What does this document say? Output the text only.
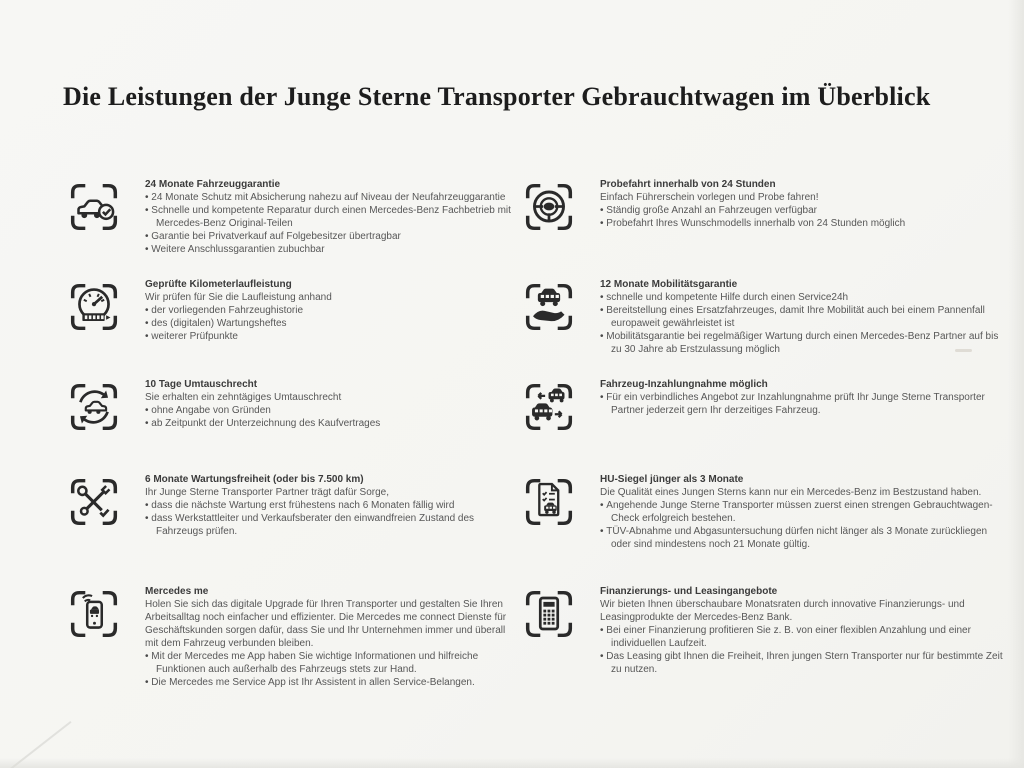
Die Leistungen der Junge Sterne Transporter Gebrauchtwagen im Überblick
24 Monate Fahrzeuggarantie
• 24 Monate Schutz mit Absicherung nahezu auf Niveau der Neufahrzeuggarantie
• Schnelle und kompetente Reparatur durch einen Mercedes-Benz Fachbetrieb mit Mercedes-Benz Original-Teilen
• Garantie bei Privatverkauf auf Folgebesitzer übertragbar
• Weitere Anschlussgarantien zubuchbar
Geprüfte Kilometerlaufleistung
Wir prüfen für Sie die Laufleistung anhand
• der vorliegenden Fahrzeughistorie
• des (digitalen) Wartungsheftes
• weiterer Prüfpunkte
10 Tage Umtauschrecht
Sie erhalten ein zehntägiges Umtauschrecht
• ohne Angabe von Gründen
• ab Zeitpunkt der Unterzeichnung des Kaufvertrages
6 Monate Wartungsfreiheit (oder bis 7.500 km)
Ihr Junge Sterne Transporter Partner trägt dafür Sorge,
• dass die nächste Wartung erst frühestens nach 6 Monaten fällig wird
• dass Werkstattleiter und Verkaufsberater den einwandfreien Zustand des Fahrzeugs prüfen.
Mercedes me
Holen Sie sich das digitale Upgrade für Ihren Transporter und gestalten Sie Ihren Arbeitsalltag noch einfacher und effizienter. Die Mercedes me connect Dienste für Geschäftskunden sorgen dafür, dass Sie und Ihr Unternehmen immer und überall mit dem Fahrzeug verbunden bleiben.
• Mit der Mercedes me App haben Sie wichtige Informationen und hilfreiche Funktionen auch außerhalb des Fahrzeugs stets zur Hand.
• Die Mercedes me Service App ist Ihr Assistent in allen Service-Belangen.
Probefahrt innerhalb von 24 Stunden
Einfach Führerschein vorlegen und Probe fahren!
• Ständig große Anzahl an Fahrzeugen verfügbar
• Probefahrt Ihres Wunschmodells innerhalb von 24 Stunden möglich
12 Monate Mobilitätsgarantie
• schnelle und kompetente Hilfe durch einen Service24h
• Bereitstellung eines Ersatzfahrzeuges, damit Ihre Mobilität auch bei einem Pannenfall europaweit gewährleistet ist
• Mobilitätsgarantie bei regelmäßiger Wartung durch einen Mercedes-Benz Partner auf bis zu 30 Jahre ab Erstzulassung möglich
Fahrzeug-Inzahlungnahme möglich
• Für ein verbindliches Angebot zur Inzahlungnahme prüft Ihr Junge Sterne Transporter Partner jederzeit gern Ihr derzeitiges Fahrzeug.
HU-Siegel jünger als 3 Monate
Die Qualität eines Jungen Sterns kann nur ein Mercedes-Benz im Bestzustand haben.
• Angehende Junge Sterne Transporter müssen zuerst einen strengen Gebrauchtwagen-Check erfolgreich bestehen.
• TÜV-Abnahme und Abgasuntersuchung dürfen nicht länger als 3 Monate zurückliegen oder sind mindestens noch 21 Monate gültig.
Finanzierungs- und Leasingangebote
Wir bieten Ihnen überschaubare Monatsraten durch innovative Finanzierungs- und Leasingprodukte der Mercedes-Benz Bank.
• Bei einer Finanzierung profitieren Sie z. B. von einer flexiblen Anzahlung und einer individuellen Laufzeit.
• Das Leasing gibt Ihnen die Freiheit, Ihren jungen Stern Transporter nur für bestimmte Zeit zu nutzen.
